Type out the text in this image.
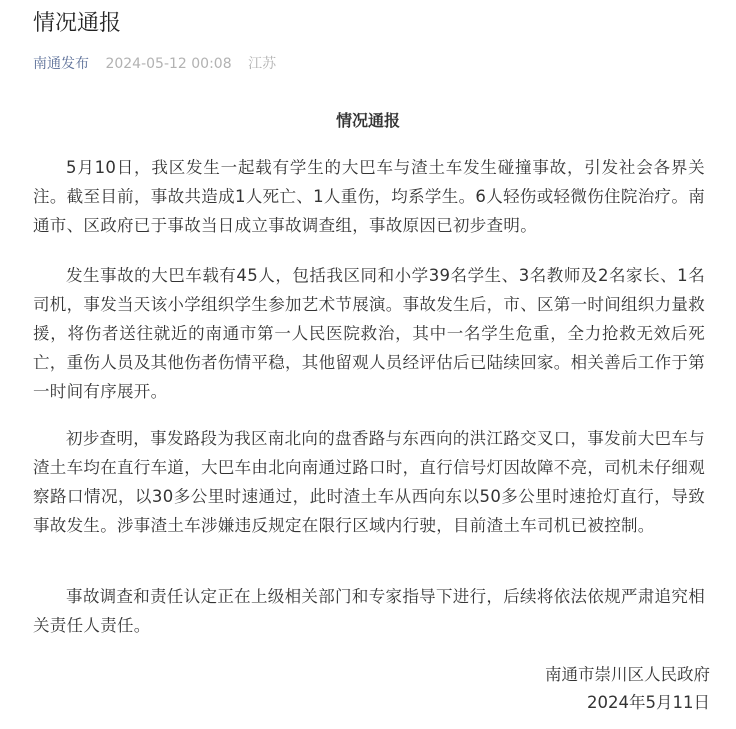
情况通报
南通发布 2024-05-12 00:08 江苏
情况通报

5月10日，我区发生一起载有学生的大巴车与渣土车发生碰撞事故，引发社会各界关注。截至目前，事故共造成1人死亡、1人重伤，均系学生。6人轻伤或轻微伤住院治疗。南通市、区政府已于事故当日成立事故调查组，事故原因已初步查明。

发生事故的大巴车载有45人，包括我区同和小学39名学生、3名教师及2名家长、1名司机，事发当天该小学组织学生参加艺术节展演。事故发生后，市、区第一时间组织力量救援，将伤者送往就近的南通市第一人民医院救治，其中一名学生危重，全力抢救无效后死亡，重伤人员及其他伤者伤情平稳，其他留观人员经评估后已陆续回家。相关善后工作于第一时间有序展开。

初步查明，事发路段为我区南北向的盘香路与东西向的洪江路交叉口，事发前大巴车与渣土车均在直行车道，大巴车由北向南通过路口时，直行信号灯因故障不亮，司机未仔细观察路口情况，以30多公里时速通过，此时渣土车从西向东以50多公里时速抢灯直行，导致事故发生。涉事渣土车涉嫌违反规定在限行区域内行驶，目前渣土车司机已被控制。

事故调查和责任认定正在上级相关部门和专家指导下进行，后续将依法依规严肃追究相关责任人责任。

南通市崇川区人民政府

2024年5月11日
